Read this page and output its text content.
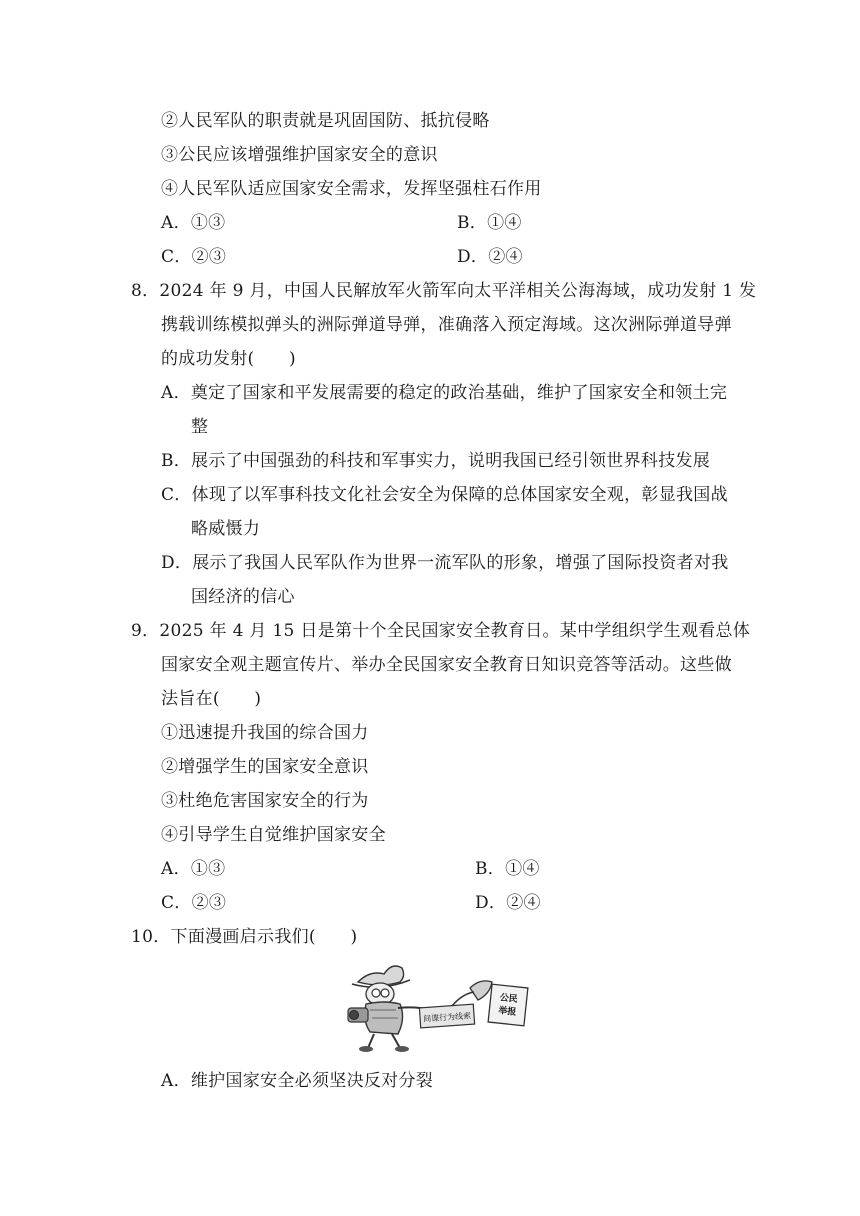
②人民军队的职责就是巩固国防、抵抗侵略
③公民应该增强维护国家安全的意识
④人民军队适应国家安全需求，发挥坚强柱石作用
A．①③	B．①④
C．②③	D．②④
8．2024 年 9 月，中国人民解放军火箭军向太平洋相关公海海域，成功发射 1 发
携载训练模拟弹头的洲际弹道导弹，准确落入预定海域。这次洲际弹道导弹
的成功发射(　　)
A．奠定了国家和平发展需要的稳定的政治基础，维护了国家安全和领土完
整
B．展示了中国强劲的科技和军事实力，说明我国已经引领世界科技发展
C．体现了以军事科技文化社会安全为保障的总体国家安全观，彰显我国战
略威慑力
D．展示了我国人民军队作为世界一流军队的形象，增强了国际投资者对我
国经济的信心
9．2025 年 4 月 15 日是第十个全民国家安全教育日。某中学组织学生观看总体
国家安全观主题宣传片、举办全民国家安全教育日知识竞答等活动。这些做
法旨在(　　)
①迅速提升我国的综合国力
②增强学生的国家安全意识
③杜绝危害国家安全的行为
④引导学生自觉维护国家安全
A．①③	B．①④
C．②③	D．②④
10．下面漫画启示我们(　　)
间谍行为线索
公民
举报
A．维护国家安全必须坚决反对分裂
